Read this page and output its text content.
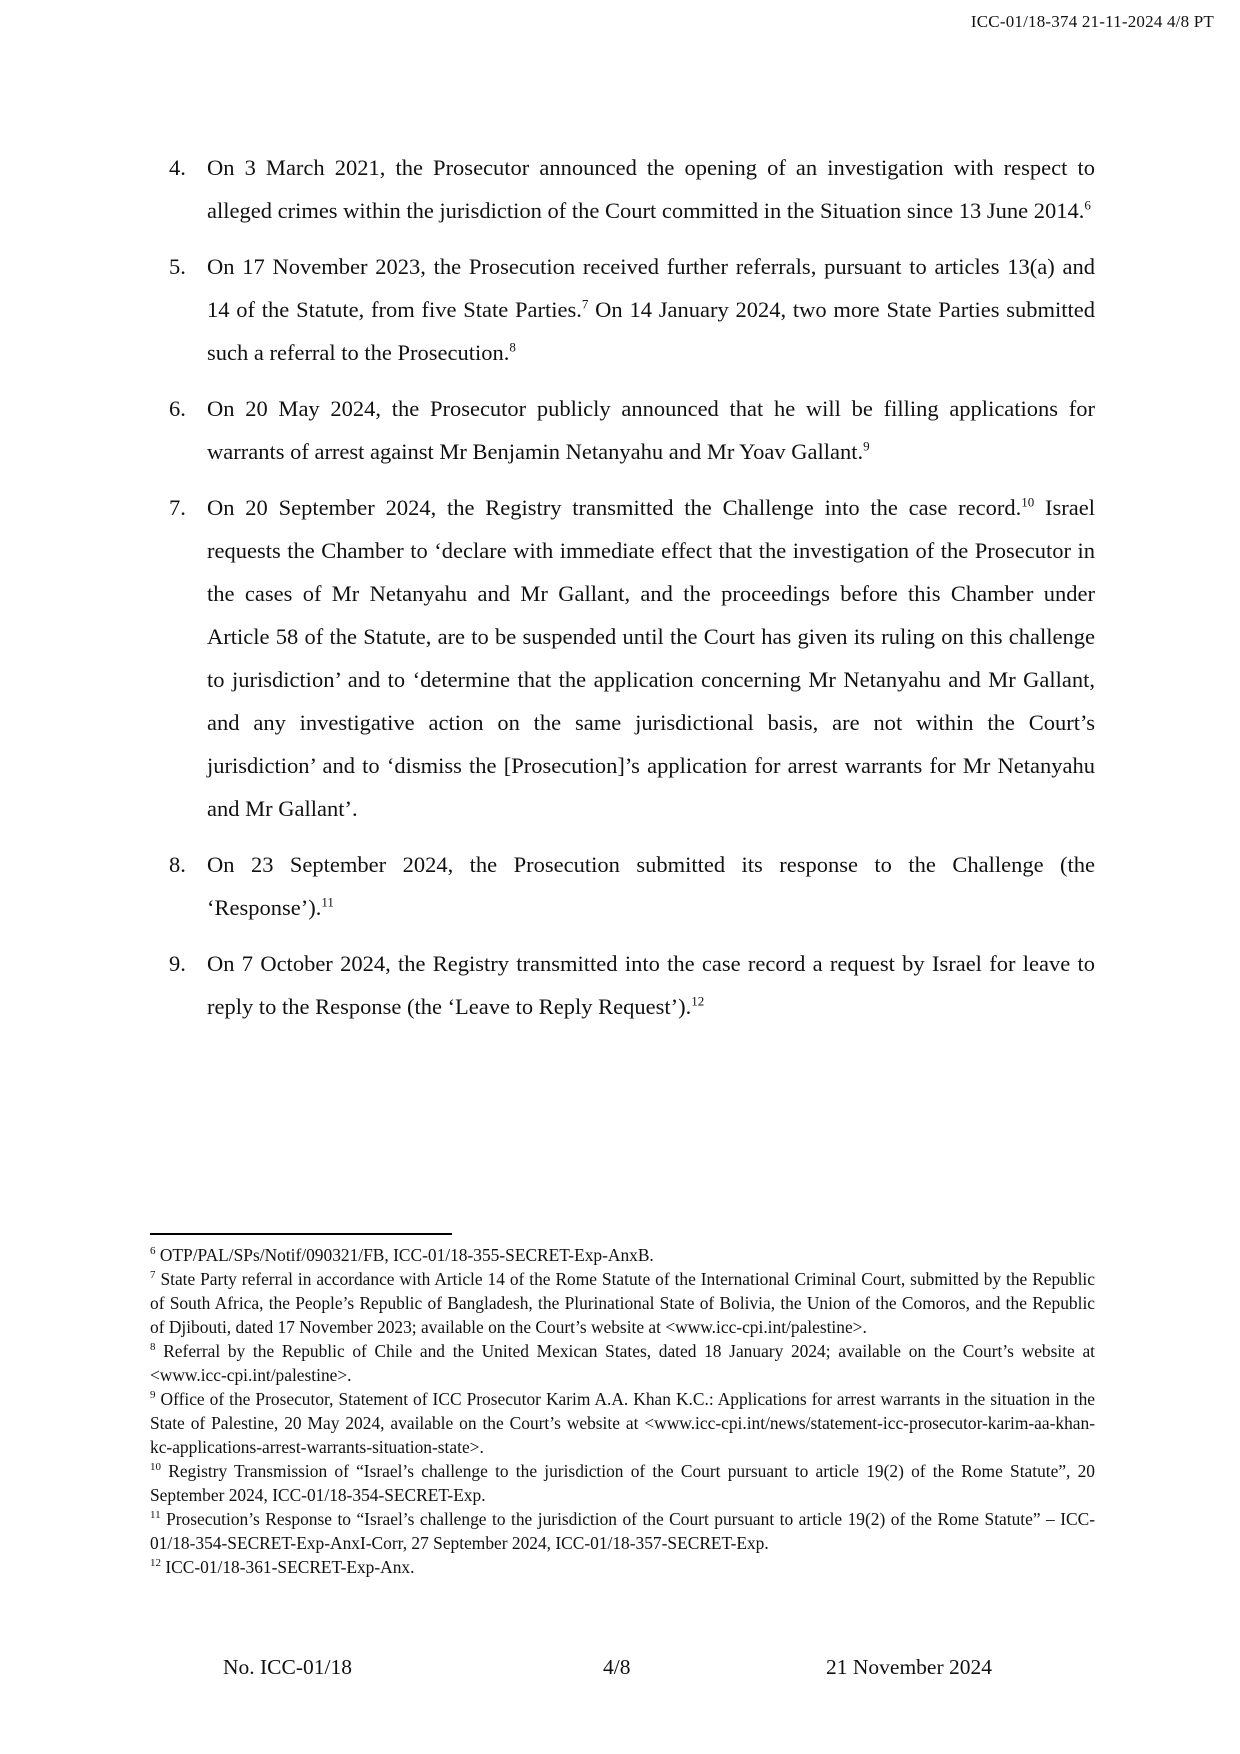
ICC-01/18-374 21-11-2024 4/8 PT

4. On 3 March 2021, the Prosecutor announced the opening of an investigation with respect to alleged crimes within the jurisdiction of the Court committed in the Situation since 13 June 2014.$^6$

5. On 17 November 2023, the Prosecution received further referrals, pursuant to articles 13(a) and 14 of the Statute, from five State Parties.$^7$ On 14 January 2024, two more State Parties submitted such a referral to the Prosecution.$^8$

6. On 20 May 2024, the Prosecutor publicly announced that he will be filling applications for warrants of arrest against Mr Benjamin Netanyahu and Mr Yoav Gallant.$^9$

7. On 20 September 2024, the Registry transmitted the Challenge into the case record.$^{10}$ Israel requests the Chamber to ‘declare with immediate effect that the investigation of the Prosecutor in the cases of Mr Netanyahu and Mr Gallant, and the proceedings before this Chamber under Article 58 of the Statute, are to be suspended until the Court has given its ruling on this challenge to jurisdiction’ and to ‘determine that the application concerning Mr Netanyahu and Mr Gallant, and any investigative action on the same jurisdictional basis, are not within the Court’s jurisdiction’ and to ‘dismiss the [Prosecution]’s application for arrest warrants for Mr Netanyahu and Mr Gallant’.

8. On 23 September 2024, the Prosecution submitted its response to the Challenge (the ‘Response’).$^{11}$

9. On 7 October 2024, the Registry transmitted into the case record a request by Israel for leave to reply to the Response (the ‘Leave to Reply Request’).$^{12}$

$^6$ OTP/PAL/SPs/Notif/090321/FB, ICC-01/18-355-SECRET-Exp-AnxB.

$^7$ State Party referral in accordance with Article 14 of the Rome Statute of the International Criminal Court, submitted by the Republic of South Africa, the People’s Republic of Bangladesh, the Plurinational State of Bolivia, the Union of the Comoros, and the Republic of Djibouti, dated 17 November 2023; available on the Court’s website at <www.icc-cpi.int/palestine>.

$^8$ Referral by the Republic of Chile and the United Mexican States, dated 18 January 2024; available on the Court’s website at <www.icc-cpi.int/palestine>.

$^9$ Office of the Prosecutor, Statement of ICC Prosecutor Karim A.A. Khan K.C.: Applications for arrest warrants in the situation in the State of Palestine, 20 May 2024, available on the Court’s website at <www.icc-cpi.int/news/statement-icc-prosecutor-karim-aa-khan-kc-applications-arrest-warrants-situation-state>.

$^{10}$ Registry Transmission of “Israel’s challenge to the jurisdiction of the Court pursuant to article 19(2) of the Rome Statute”, 20 September 2024, ICC-01/18-354-SECRET-Exp.

$^{11}$ Prosecution’s Response to “Israel’s challenge to the jurisdiction of the Court pursuant to article 19(2) of the Rome Statute” – ICC-01/18-354-SECRET-Exp-AnxI-Corr, 27 September 2024, ICC-01/18-357-SECRET-Exp.

$^{12}$ ICC-01/18-361-SECRET-Exp-Anx.

No. ICC-01/18	4/8	21 November 2024
